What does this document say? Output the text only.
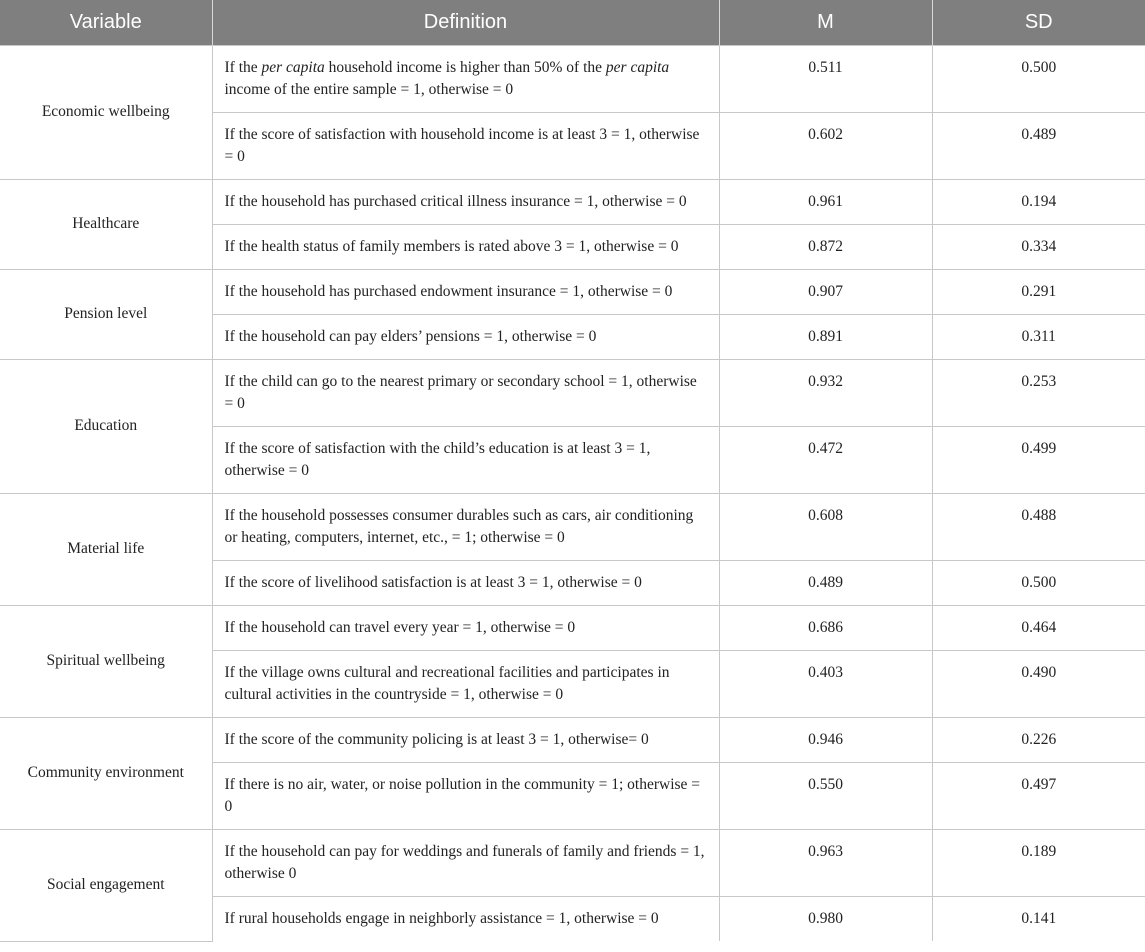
Variable	Definition	M	SD
Economic wellbeing	If the per capita household income is higher than 50% of the per capita income of the entire sample = 1, otherwise = 0	0.511	0.500
	If the score of satisfaction with household income is at least 3 = 1, otherwise = 0	0.602	0.489
Healthcare	If the household has purchased critical illness insurance = 1, otherwise = 0	0.961	0.194
	If the health status of family members is rated above 3 = 1, otherwise = 0	0.872	0.334
Pension level	If the household has purchased endowment insurance = 1, otherwise = 0	0.907	0.291
	If the household can pay elders’ pensions = 1, otherwise = 0	0.891	0.311
Education	If the child can go to the nearest primary or secondary school = 1, otherwise = 0	0.932	0.253
	If the score of satisfaction with the child’s education is at least 3 = 1, otherwise = 0	0.472	0.499
Material life	If the household possesses consumer durables such as cars, air conditioning or heating, computers, internet, etc., = 1; otherwise = 0	0.608	0.488
	If the score of livelihood satisfaction is at least 3 = 1, otherwise = 0	0.489	0.500
Spiritual wellbeing	If the household can travel every year = 1, otherwise = 0	0.686	0.464
	If the village owns cultural and recreational facilities and participates in cultural activities in the countryside = 1, otherwise = 0	0.403	0.490
Community environment	If the score of the community policing is at least 3 = 1, otherwise= 0	0.946	0.226
	If there is no air, water, or noise pollution in the community = 1; otherwise = 0	0.550	0.497
Social engagement	If the household can pay for weddings and funerals of family and friends = 1, otherwise 0	0.963	0.189
	If rural households engage in neighborly assistance = 1, otherwise = 0	0.980	0.141
